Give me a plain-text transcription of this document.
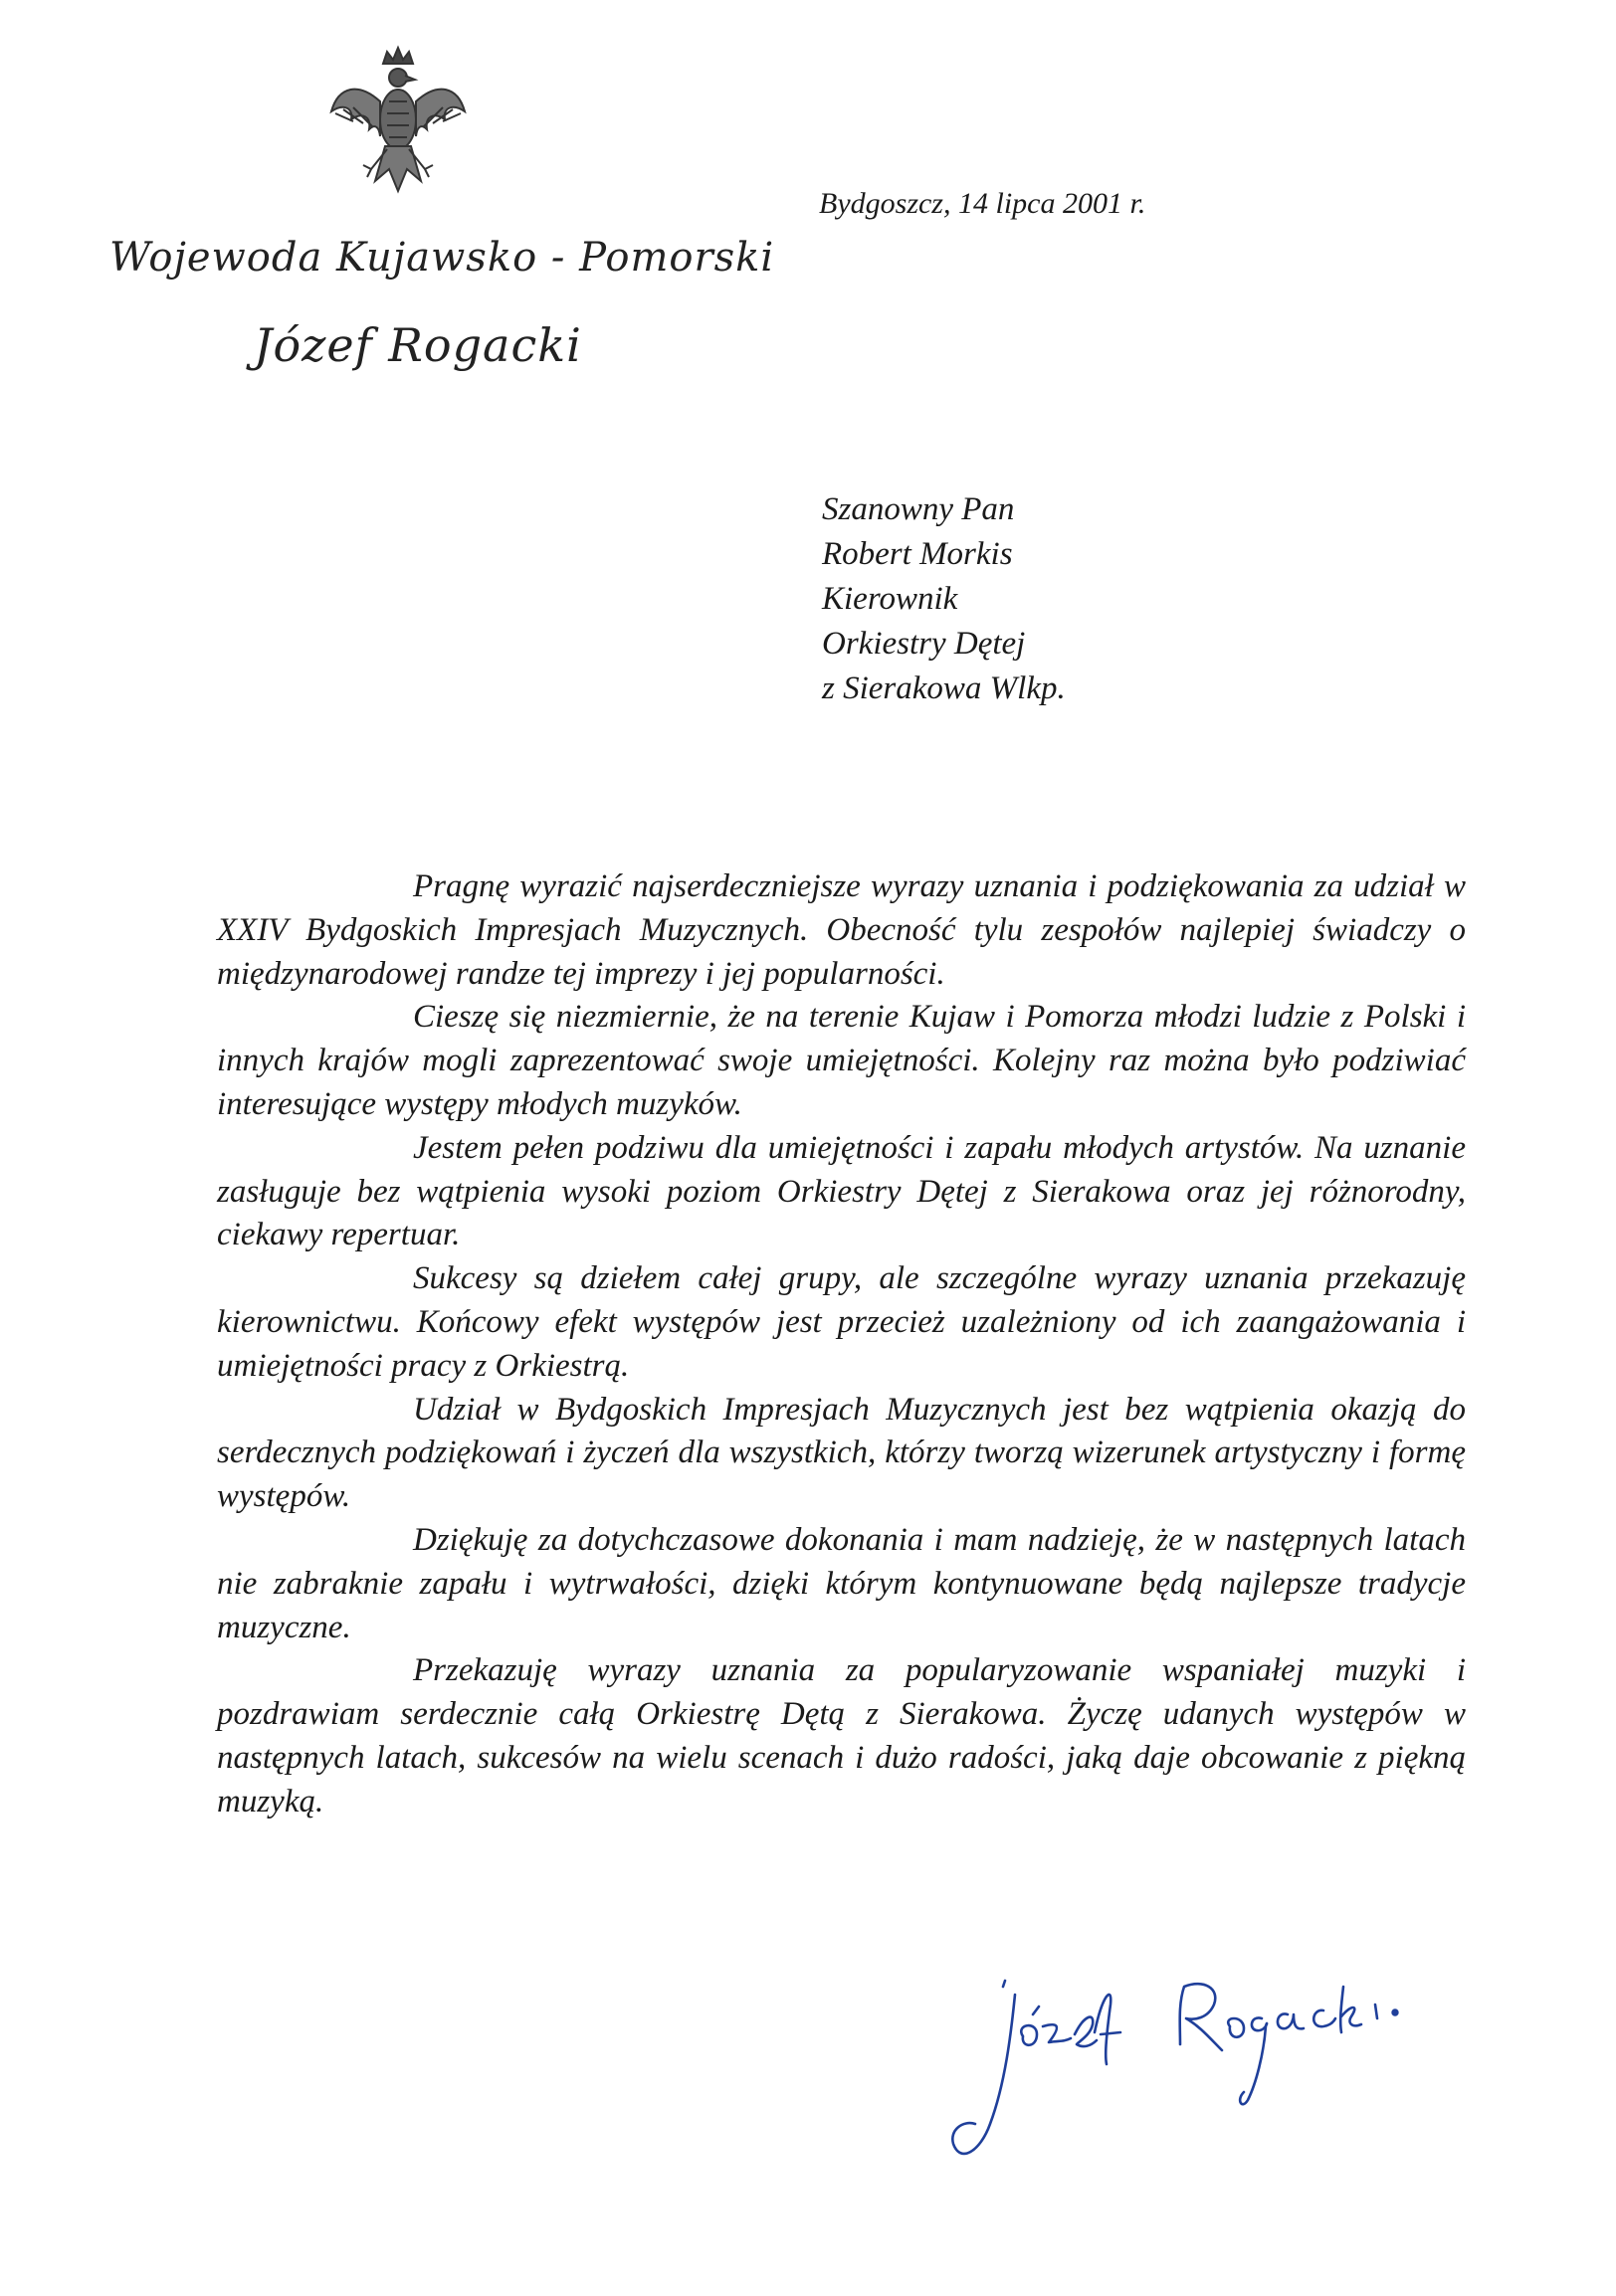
Wojewoda Kujawsko - Pomorski
Józef Rogacki
Bydgoszcz, 14 lipca 2001 r.
Szanowny Pan
Robert Morkis
Kierownik
Orkiestry Dętej
z Sierakowa Wlkp.

Pragnę wyrazić najserdeczniejsze wyrazy uznania i podziękowania za udział w XXIV Bydgoskich Impresjach Muzycznych. Obecność tylu zespołów najlepiej świadczy o międzynarodowej randze tej imprezy i jej popularności.

Cieszę się niezmiernie, że na terenie Kujaw i Pomorza młodzi ludzie z Polski i innych krajów mogli zaprezentować swoje umiejętności. Kolejny raz można było podziwiać interesujące występy młodych muzyków.

Jestem pełen podziwu dla umiejętności i zapału młodych artystów. Na uznanie zasługuje bez wątpienia wysoki poziom Orkiestry Dętej z Sierakowa oraz jej różnorodny, ciekawy repertuar.

Sukcesy są dziełem całej grupy, ale szczególne wyrazy uznania przekazuję kierownictwu. Końcowy efekt występów jest przecież uzależniony od ich zaangażowania i umiejętności pracy z Orkiestrą.

Udział w Bydgoskich Impresjach Muzycznych jest bez wątpienia okazją do serdecznych podziękowań i życzeń dla wszystkich, którzy tworzą wizerunek artystyczny i formę występów.

Dziękuję za dotychczasowe dokonania i mam nadzieję, że w następnych latach nie zabraknie zapału i wytrwałości, dzięki którym kontynuowane będą najlepsze tradycje muzyczne.

Przekazuję wyrazy uznania za popularyzowanie wspaniałej muzyki i pozdrawiam serdecznie całą Orkiestrę Dętą z Sierakowa. Życzę udanych występów w następnych latach, sukcesów na wielu scenach i dużo radości, jaką daje obcowanie z piękną muzyką.
